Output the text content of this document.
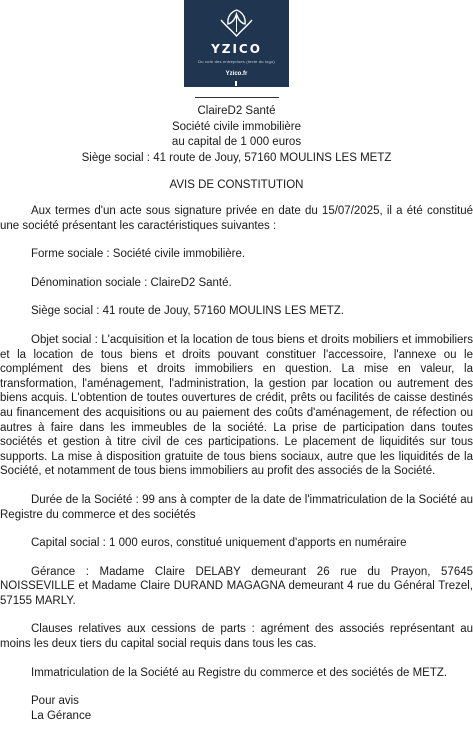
YZICO
Du cote des entreprises (texte du logo)
Yzico.fr
ClaireD2 Santé
Société civile immobilière
au capital de 1 000 euros
Siège social : 41 route de Jouy, 57160 MOULINS LES METZ
AVIS DE CONSTITUTION

Aux termes d'un acte sous signature privée en date du 15/07/2025, il a été constitué une société présentant les caractéristiques suivantes :

Forme sociale : Société civile immobilière.

Dénomination sociale : ClaireD2 Santé.

Siège social : 41 route de Jouy, 57160 MOULINS LES METZ.

Objet social : L'acquisition et la location de tous biens et droits mobiliers et immobiliers et la location de tous biens et droits pouvant constituer l'accessoire, l'annexe ou le complément des biens et droits immobiliers en question. La mise en valeur, la transformation, l'aménagement, l'administration, la gestion par location ou autrement des biens acquis. L'obtention de toutes ouvertures de crédit, prêts ou facilités de caisse destinés au financement des acquisitions ou au paiement des coûts d'aménagement, de réfection ou autres à faire dans les immeubles de la société. La prise de participation dans toutes sociétés et gestion à titre civil de ces participations. Le placement de liquidités sur tous supports. La mise à disposition gratuite de tous biens sociaux, autre que les liquidités de la Société, et notamment de tous biens immobiliers au profit des associés de la Société.

Durée de la Société : 99 ans à compter de la date de l'immatriculation de la Société au Registre du commerce et des sociétés

Capital social : 1 000 euros, constitué uniquement d'apports en numéraire

Gérance : Madame Claire DELABY demeurant 26 rue du Prayon, 57645 NOISSEVILLE et Madame Claire DURAND MAGAGNA demeurant 4 rue du Général Trezel, 57155 MARLY.

Clauses relatives aux cessions de parts : agrément des associés représentant au moins les deux tiers du capital social requis dans tous les cas.

Immatriculation de la Société au Registre du commerce et des sociétés de METZ.

Pour avis
La Gérance
